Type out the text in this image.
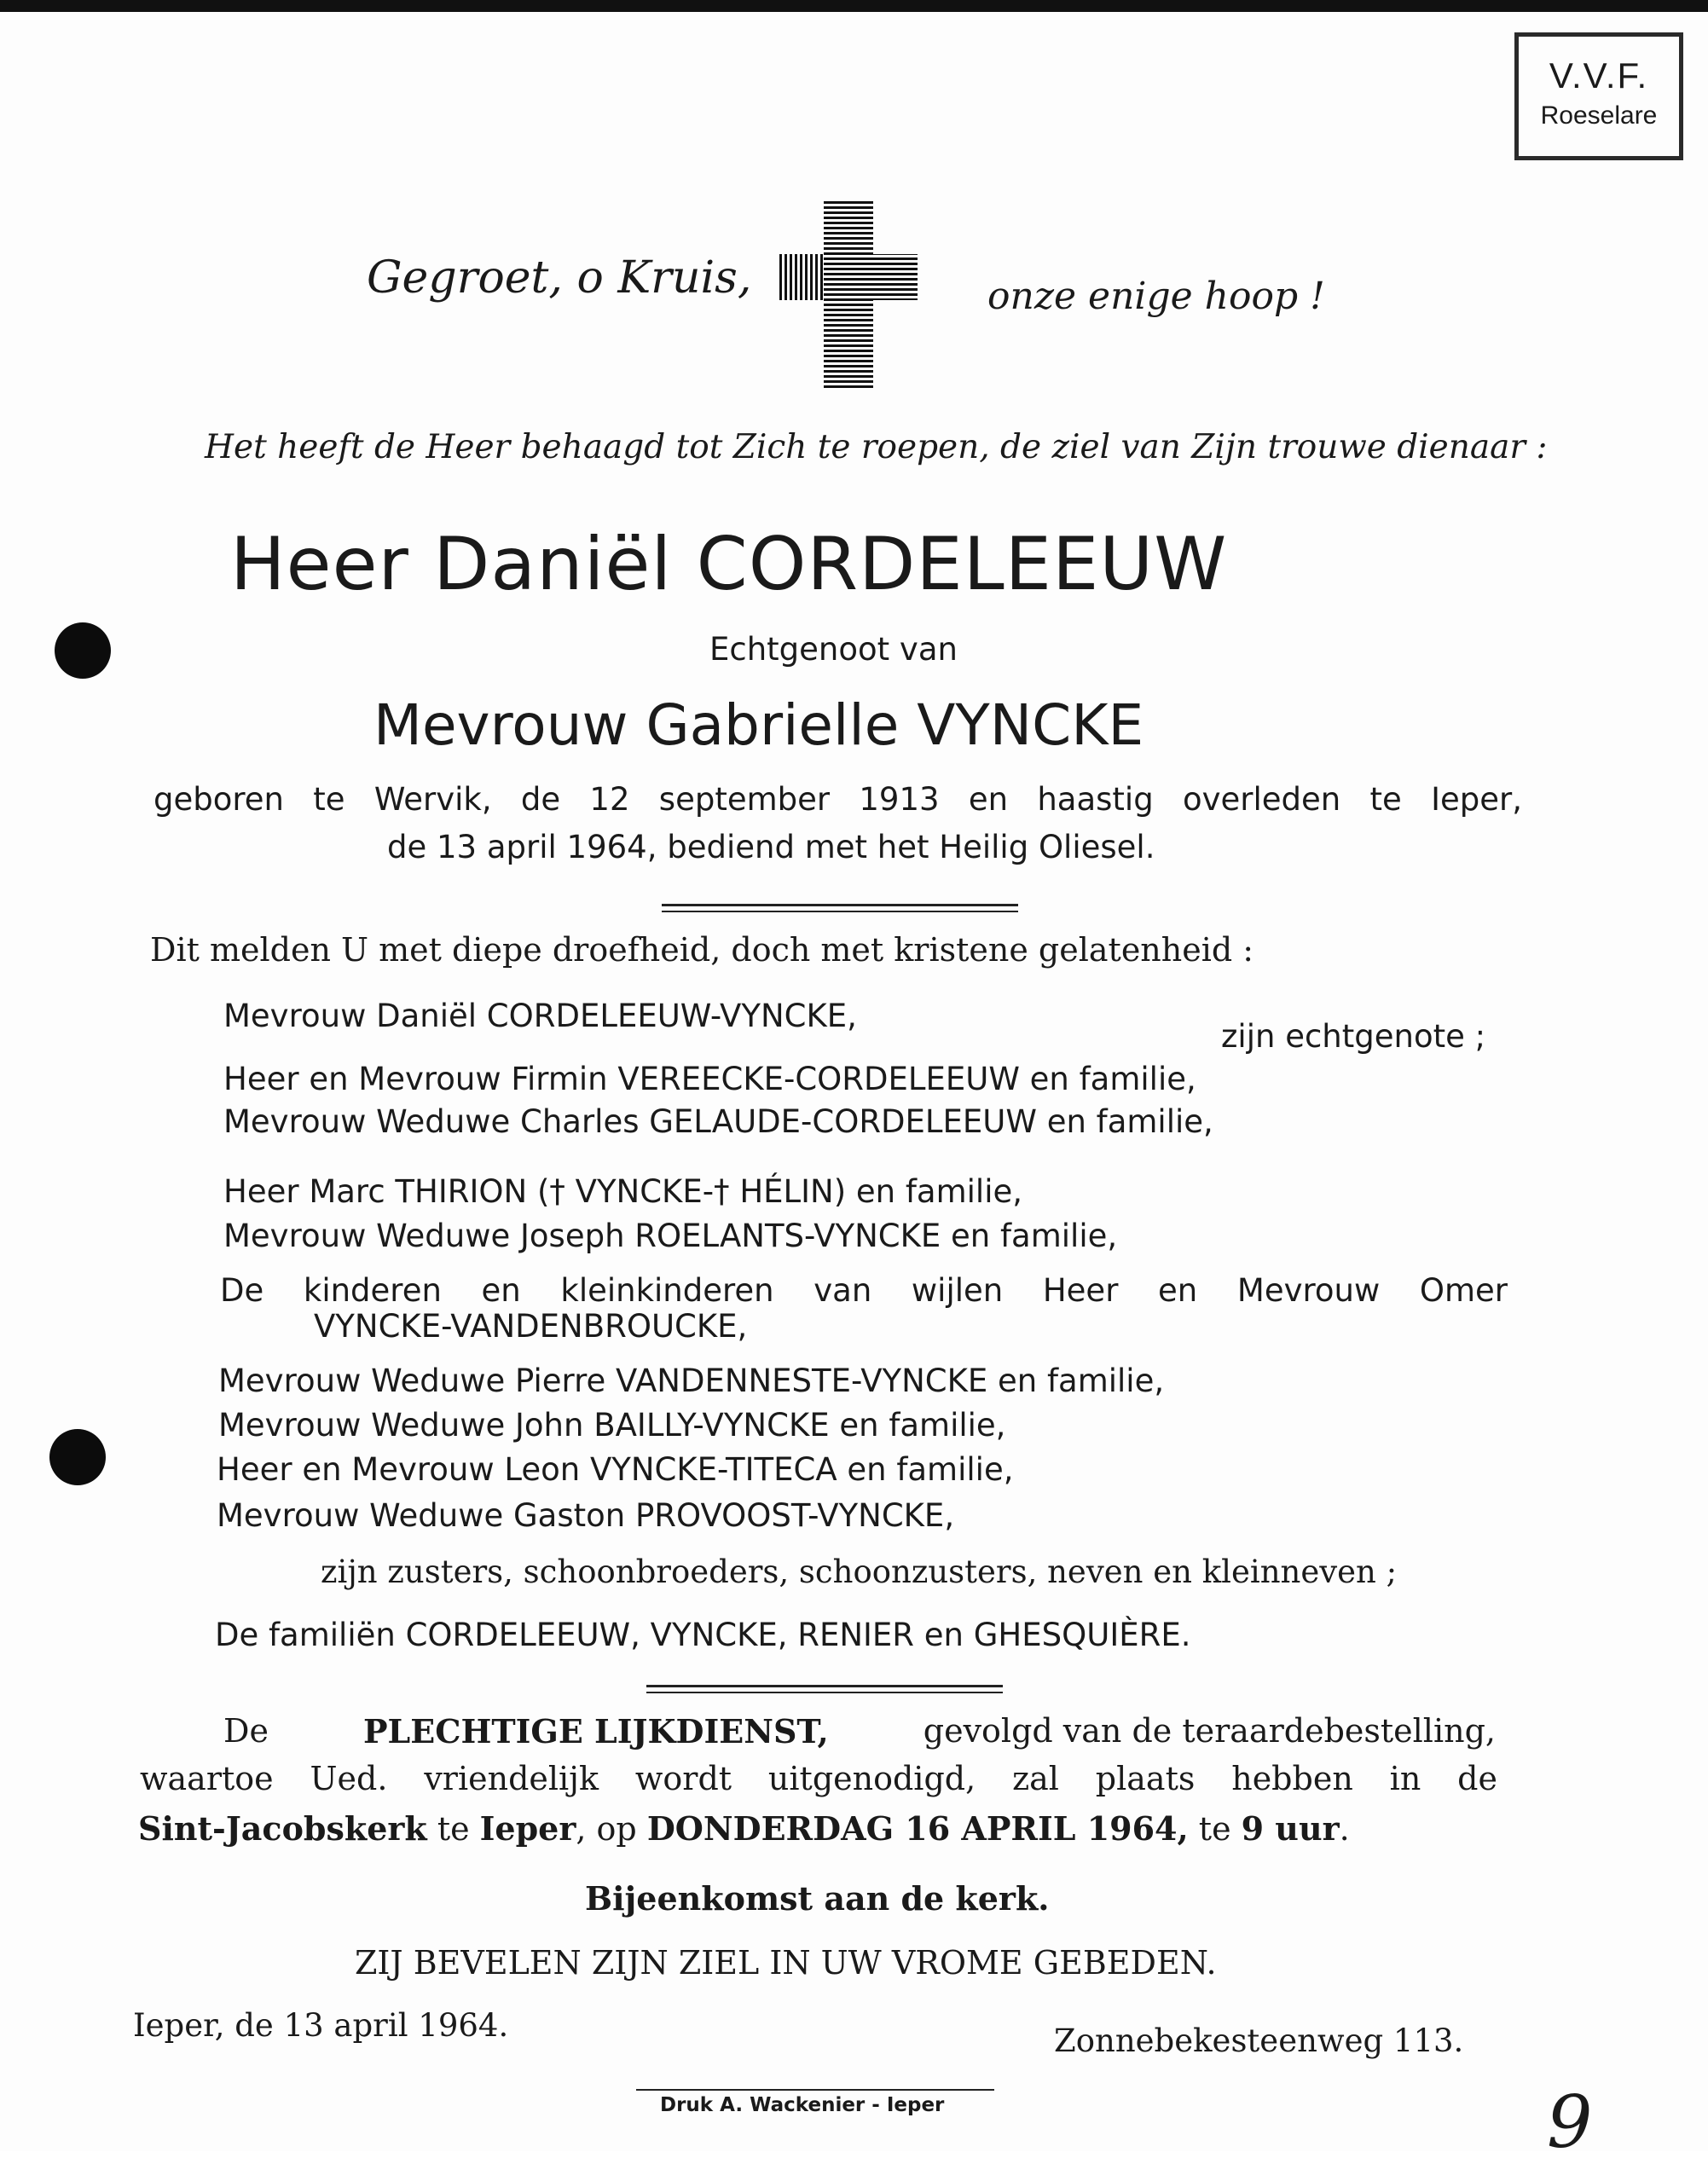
V.V.F.
Roeselare
Gegroet, o Kruis,	onze enige hoop !
Het heeft de Heer behaagd tot Zich te roepen, de ziel van Zijn trouwe dienaar :
Heer Daniël CORDELEEUW
Echtgenoot van
Mevrouw Gabrielle VYNCKE
geboren te Wervik, de 12 september 1913 en haastig overleden te Ieper,
de 13 april 1964, bediend met het Heilig Oliesel.
Dit melden U met diepe droefheid, doch met kristene gelatenheid :
Mevrouw Daniël CORDELEEUW-VYNCKE,
zijn echtgenote ;
Heer en Mevrouw Firmin VEREECKE-CORDELEEUW en familie,
Mevrouw Weduwe Charles GELAUDE-CORDELEEUW en familie,
Heer Marc THIRION († VYNCKE-† HÉLIN) en familie,
Mevrouw Weduwe Joseph ROELANTS-VYNCKE en familie,
De kinderen en kleinkinderen van wijlen Heer en Mevrouw Omer
VYNCKE-VANDENBROUCKE,
Mevrouw Weduwe Pierre VANDENNESTE-VYNCKE en familie,
Mevrouw Weduwe John BAILLY-VYNCKE en familie,
Heer en Mevrouw Leon VYNCKE-TITECA en familie,
Mevrouw Weduwe Gaston PROVOOST-VYNCKE,
zijn zusters, schoonbroeders, schoonzusters, neven en kleinneven ;
De familiën CORDELEEUW, VYNCKE, RENIER en GHESQUIÈRE.
De	PLECHTIGE LIJKDIENST,	gevolgd van de teraardebestelling,
waartoe Ued. vriendelijk wordt uitgenodigd, zal plaats hebben in de
Sint-Jacobskerk te Ieper, op DONDERDAG 16 APRIL 1964, te 9 uur.
Bijeenkomst aan de kerk.
ZIJ BEVELEN ZIJN ZIEL IN UW VROME GEBEDEN.
Ieper, de 13 april 1964.	Zonnebekesteenweg 113.
Druk A. Wackenier - Ieper	9
